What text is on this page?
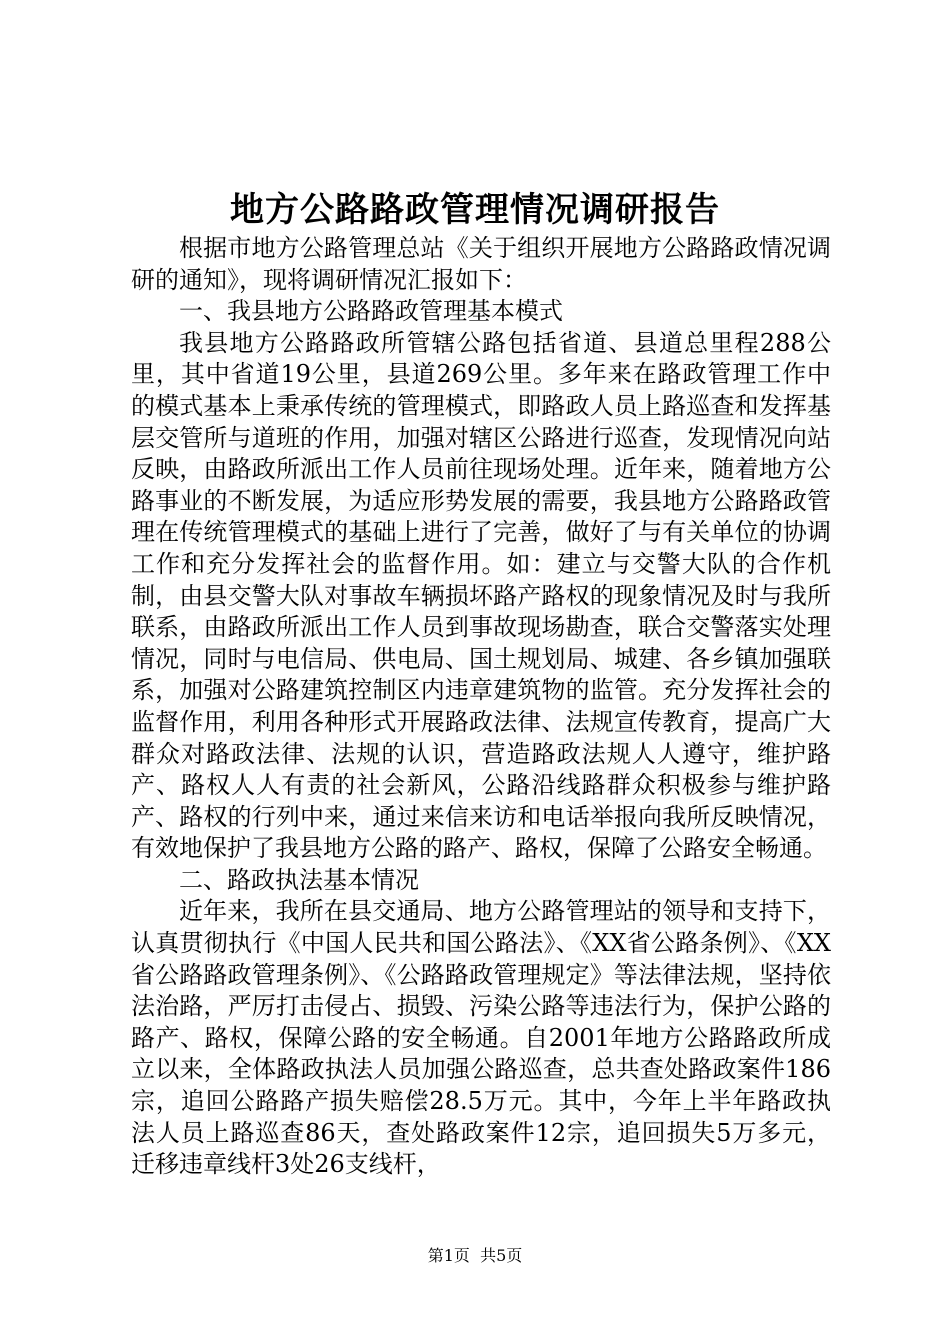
地方公路路政管理情况调研报告

根据市地方公路管理总站《关于组织开展地方公路路政情况调研的通知》，现将调研情况汇报如下：

一、我县地方公路路政管理基本模式

我县地方公路路政所管辖公路包括省道、县道总里程288公里，其中省道19公里，县道269公里。多年来在路政管理工作中的模式基本上秉承传统的管理模式，即路政人员上路巡查和发挥基层交管所与道班的作用，加强对辖区公路进行巡查，发现情况向站反映，由路政所派出工作人员前往现场处理。近年来，随着地方公路事业的不断发展，为适应形势发展的需要，我县地方公路路政管理在传统管理模式的基础上进行了完善，做好了与有关单位的协调工作和充分发挥社会的监督作用。如：建立与交警大队的合作机制，由县交警大队对事故车辆损坏路产路权的现象情况及时与我所联系，由路政所派出工作人员到事故现场勘查，联合交警落实处理情况，同时与电信局、供电局、国土规划局、城建、各乡镇加强联系，加强对公路建筑控制区内违章建筑物的监管。充分发挥社会的监督作用，利用各种形式开展路政法律、法规宣传教育，提高广大群众对路政法律、法规的认识，营造路政法规人人遵守，维护路产、路权人人有责的社会新风，公路沿线路群众积极参与维护路产、路权的行列中来，通过来信来访和电话举报向我所反映情况，有效地保护了我县地方公路的路产、路权，保障了公路安全畅通。

二、路政执法基本情况

近年来，我所在县交通局、地方公路管理站的领导和支持下，认真贯彻执行《中国人民共和国公路法》、《XX省公路条例》、《XX省公路路政管理条例》、《公路路政管理规定》等法律法规，坚持依法治路，严厉打击侵占、损毁、污染公路等违法行为，保护公路的路产、路权，保障公路的安全畅通。自2001年地方公路路政所成立以来，全体路政执法人员加强公路巡查，总共查处路政案件186宗，追回公路路产损失赔偿28.5万元。其中，今年上半年路政执法人员上路巡查86天，查处路政案件12宗，追回损失5万多元，迁移违章线杆3处26支线杆，

第1页 共5页
